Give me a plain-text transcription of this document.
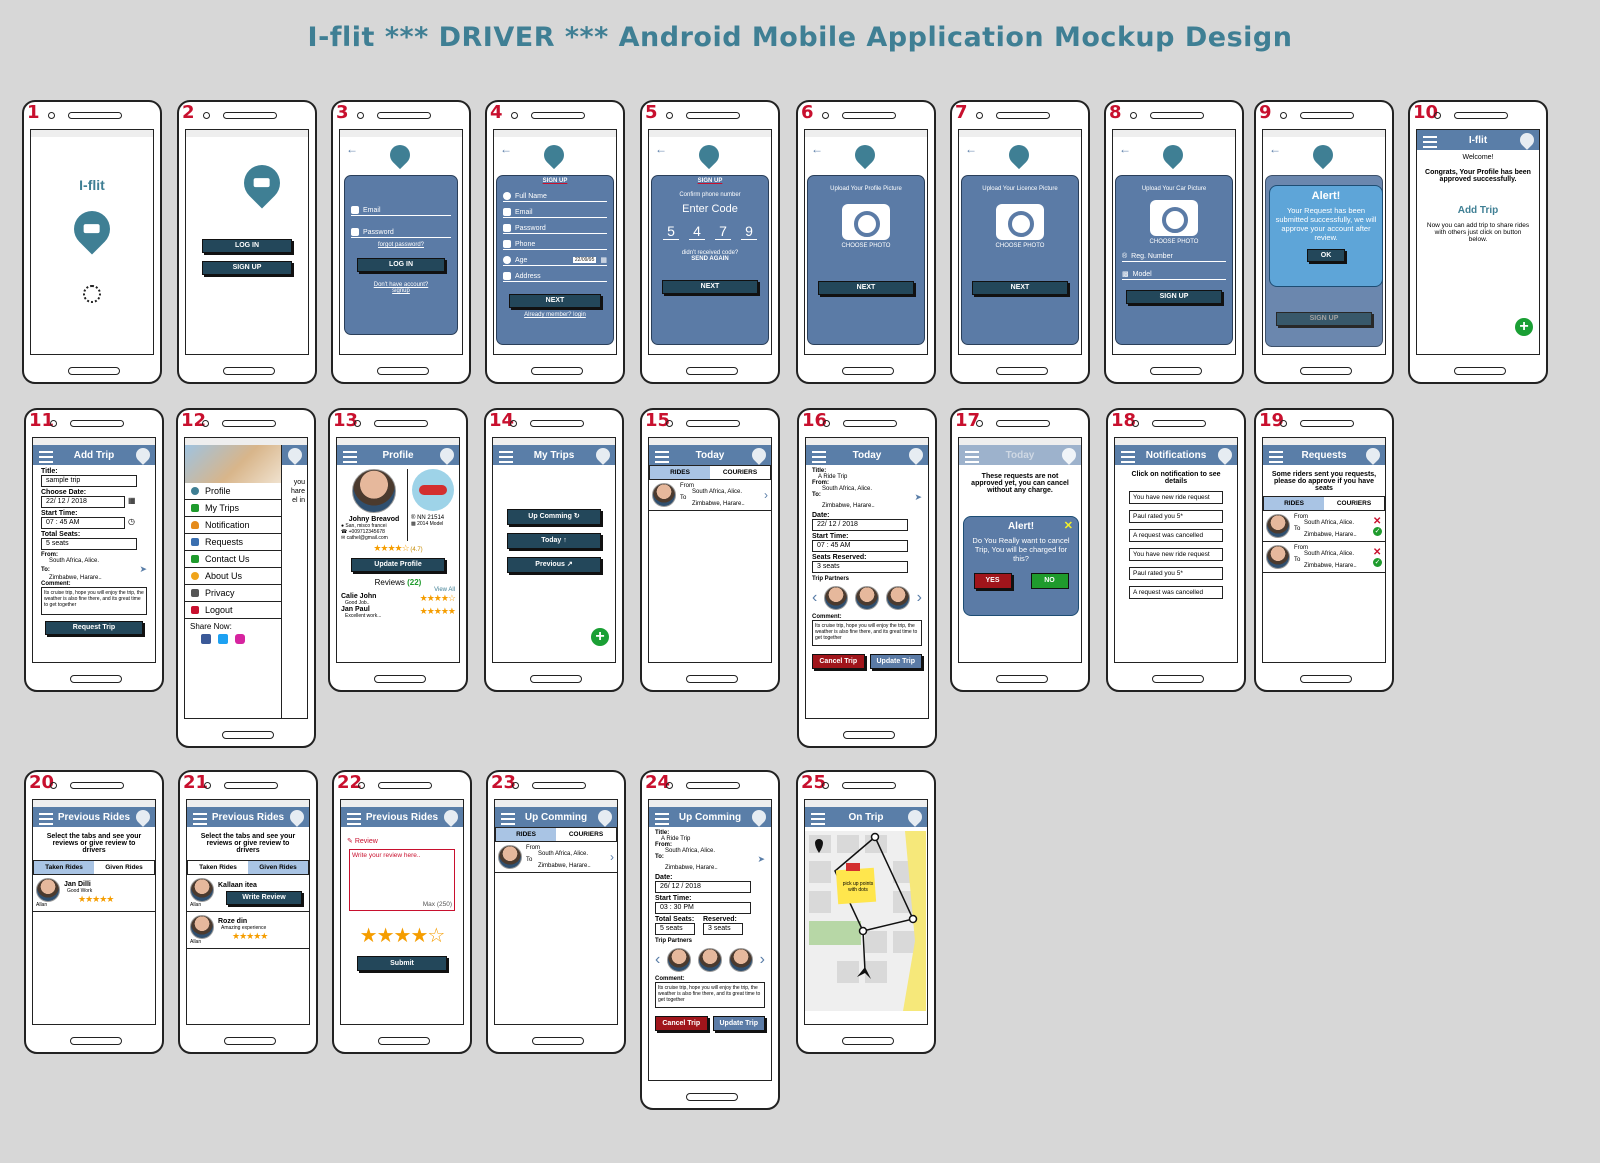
I-flit *** DRIVER *** Android Mobile Application Mockup Design
1
I-flit
2
LOG IN
SIGN UP
3
←
Email
Password
forgot password?
LOG IN
Don't have account?
signup
4
←
SIGN UP
Full Name
Email
Password
Phone
Age	22/09/95 ▦
Address
NEXT
Already member? login
5
←
SIGN UP
Confirm phone number
Enter Code
5 4 7 9
didn't received code?
SEND AGAIN
NEXT
6
←
Upload Your Profile Picture
CHOOSE PHOTO
NEXT
7
←
Upload Your Licence Picture
CHOOSE PHOTO
NEXT
8
←
Upload Your Car Picture
CHOOSE PHOTO
® Reg. Number
▩ Model
SIGN UP
9
←
SIGN UP
Alert!
Your Request has been submitted successfully, we will approve your account after review.
OK
10
I-flit
Welcome!
Congrats, Your Profile has been approved successfully.
Add Trip
Now you can add trip to share rides with others just click on button below.
+
11
Add Trip
Title:
sample trip
Choose Date:
22/ 12 / 2018	▦
Start Time:
07 : 45 AM	◷
Total Seats:
5 seats
From:
South Africa, Alice.
To:	➤
Zimbabwe, Harare..
Comment:
Its cruise trip, hope you will enjoy the trip, the weather is also fine there, and its great time to get together
Request Trip
12
you
hare
el in
Profile
My Trips
Notification
Requests
Contact Us
About Us
Privacy
Logout
Share Now:
13
Profile
Johny Breavod
● San, misco francei
☎ +009712345678
✉ cathel@gmail.com
® NN 21514
▩ 2014 Model
★★★★☆ (4.7)
Update Profile
Reviews (22)
View All
Calie John
Good Job..	★★★★☆
Jan Paul
Excellent work...	★★★★★
14
My Trips
Up Comming ↻
Today ↑
Previous ↗
+
15
Today
RIDES	COURIERS
From
South Africa, Alice.
To
Zimbabwe, Harare..
›
16
Today
Title:
A Ride Trip
From:
South Africa, Alice.
To:	➤
Zimbabwe, Harare..
Date:
22/ 12 / 2018
Start Time:
07 : 45 AM
Seats Reserved:
3 seats
Trip Partners
‹	›
Comment:
Its cruise trip, hope you will enjoy the trip, the weather is also fine there, and its great time to get together
Cancel Trip	Update Trip
17
Today
These requests are not approved yet, you can cancel without any charge.
✕
Alert!
Do You Really want to cancel Trip, You will be charged for this?
YES	NO
18
Notifications
Click on notification to see details
You have new ride request
Paul rated you 5*
A request was cancelled
You have new ride request
Paul rated you 5*
A request was cancelled
19
Requests
Some riders sent you requests, please do approve if you have seats
RIDES	COURIERS
From
South Africa, Alice.
To
Zimbabwe, Harare..
✕
✓
From
South Africa, Alice.
To
Zimbabwe, Harare..
✕
✓
20
Previous Rides
Select the tabs and see your reviews or give review to drivers
Taken Rides	Given Rides
Allan
Jan Dilli
Good Work
★★★★★
21
Previous Rides
Select the tabs and see your reviews or give review to drivers
Taken Rides	Given Rides
Allan
Kallaan itea
Write Review
Allan
Roze din
Amazing experience
★★★★★
22
Previous Rides
✎ Review
Write your review here..
Max (250)
★★★★☆
Submit
23
Up Comming
RIDES	COURIERS
From
South Africa, Alice.
To
Zimbabwe, Harare..
›
24
Up Comming
Title:
A Ride Trip
From:
South Africa, Alice.
To:	➤
Zimbabwe, Harare..
Date:
26/ 12 / 2018
Start Time:
03 : 30 PM
Total Seats:
5 seats
Reserved:
3 seats
Trip Partners
‹	›
Comment:
Its cruise trip, hope you will enjoy the trip, the weather is also fine there, and its great time to get together
Cancel Trip	Update Trip
25
On Trip
pick up points with dots
